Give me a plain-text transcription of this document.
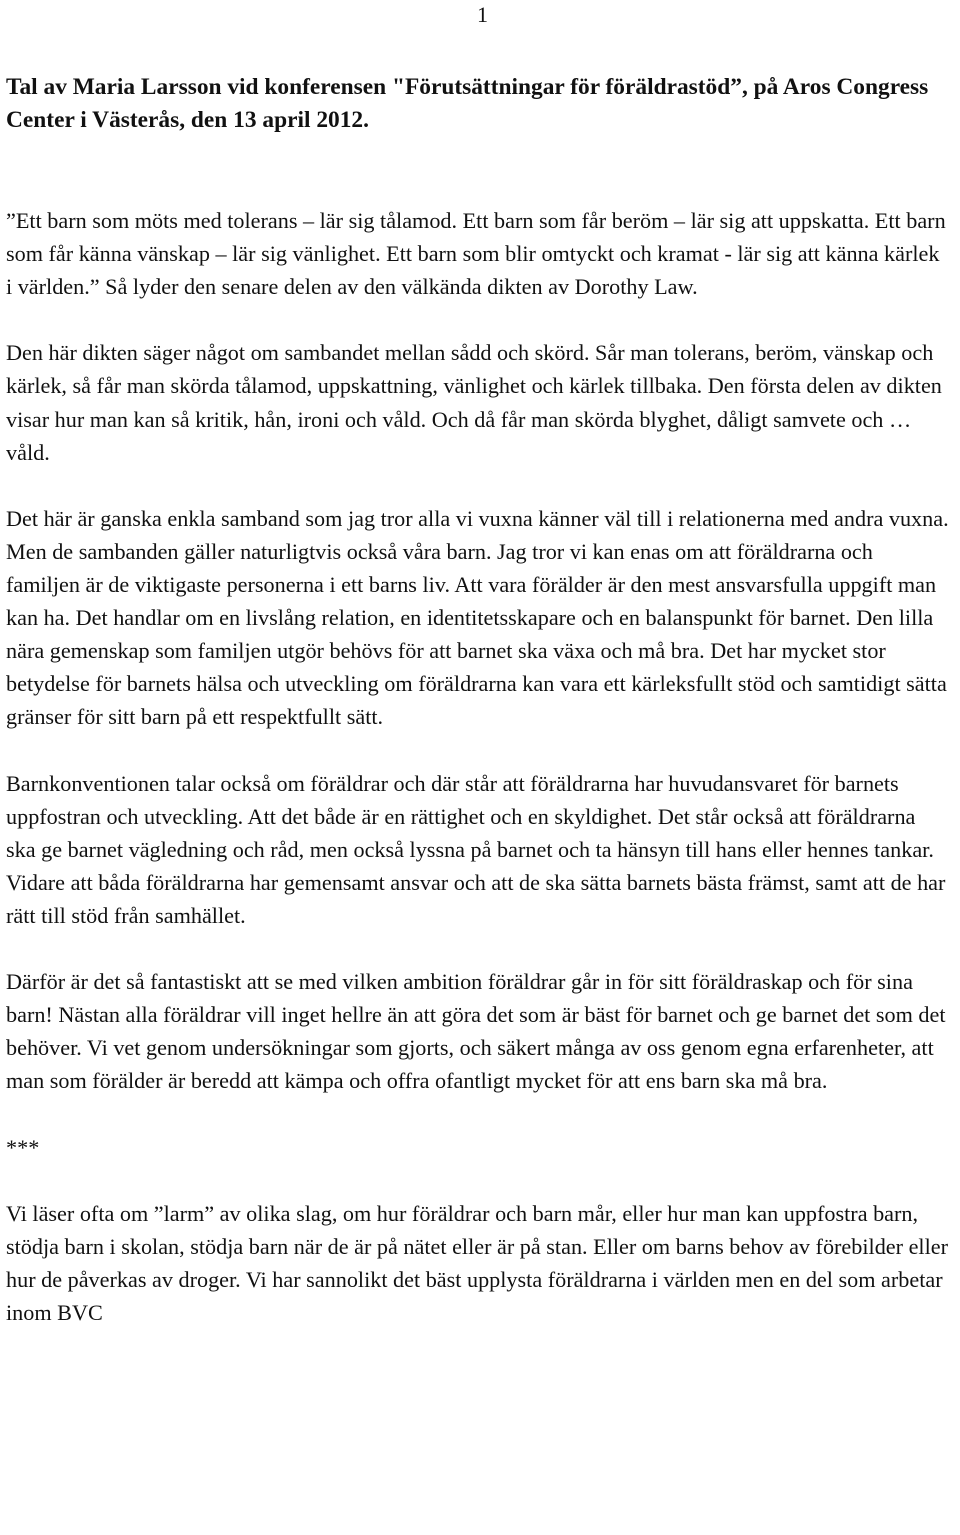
1
Tal av Maria Larsson vid konferensen "Förutsättningar för föräldrastöd”, på Aros Congress Center i Västerås, den 13 april 2012.

”Ett barn som möts med tolerans – lär sig tålamod. Ett barn som får beröm – lär sig att uppskatta. Ett barn som får känna vänskap – lär sig vänlighet. Ett barn som blir omtyckt och kramat - lär sig att känna kärlek i världen.” Så lyder den senare delen av den välkända dikten av Dorothy Law.

Den här dikten säger något om sambandet mellan sådd och skörd. Sår man tolerans, beröm, vänskap och kärlek, så får man skörda tålamod, uppskattning, vänlighet och kärlek tillbaka. Den första delen av dikten visar hur man kan så kritik, hån, ironi och våld. Och då får man skörda blyghet, dåligt samvete och … våld.

Det här är ganska enkla samband som jag tror alla vi vuxna känner väl till i relationerna med andra vuxna. Men de sambanden gäller naturligtvis också våra barn. Jag tror vi kan enas om att föräldrarna och familjen är de viktigaste personerna i ett barns liv. Att vara förälder är den mest ansvarsfulla uppgift man kan ha. Det handlar om en livslång relation, en identitetsskapare och en balanspunkt för barnet. Den lilla nära gemenskap som familjen utgör behövs för att barnet ska växa och må bra. Det har mycket stor betydelse för barnets hälsa och utveckling om föräldrarna kan vara ett kärleksfullt stöd och samtidigt sätta gränser för sitt barn på ett respektfullt sätt.

Barnkonventionen talar också om föräldrar och där står att föräldrarna har huvudansvaret för barnets uppfostran och utveckling. Att det både är en rättighet och en skyldighet. Det står också att föräldrarna ska ge barnet vägledning och råd, men också lyssna på barnet och ta hänsyn till hans eller hennes tankar. Vidare att båda föräldrarna har gemensamt ansvar och att de ska sätta barnets bästa främst, samt att de har rätt till stöd från samhället.

Därför är det så fantastiskt att se med vilken ambition föräldrar går in för sitt föräldraskap och för sina barn! Nästan alla föräldrar vill inget hellre än att göra det som är bäst för barnet och ge barnet det som det behöver. Vi vet genom undersökningar som gjorts, och säkert många av oss genom egna erfarenheter, att man som förälder är beredd att kämpa och offra ofantligt mycket för att ens barn ska må bra.

***

Vi läser ofta om ”larm” av olika slag, om hur föräldrar och barn mår, eller hur man kan uppfostra barn, stödja barn i skolan, stödja barn när de är på nätet eller är på stan. Eller om barns behov av förebilder eller hur de påverkas av droger. Vi har sannolikt det bäst upplysta föräldrarna i världen men en del som arbetar inom BVC
